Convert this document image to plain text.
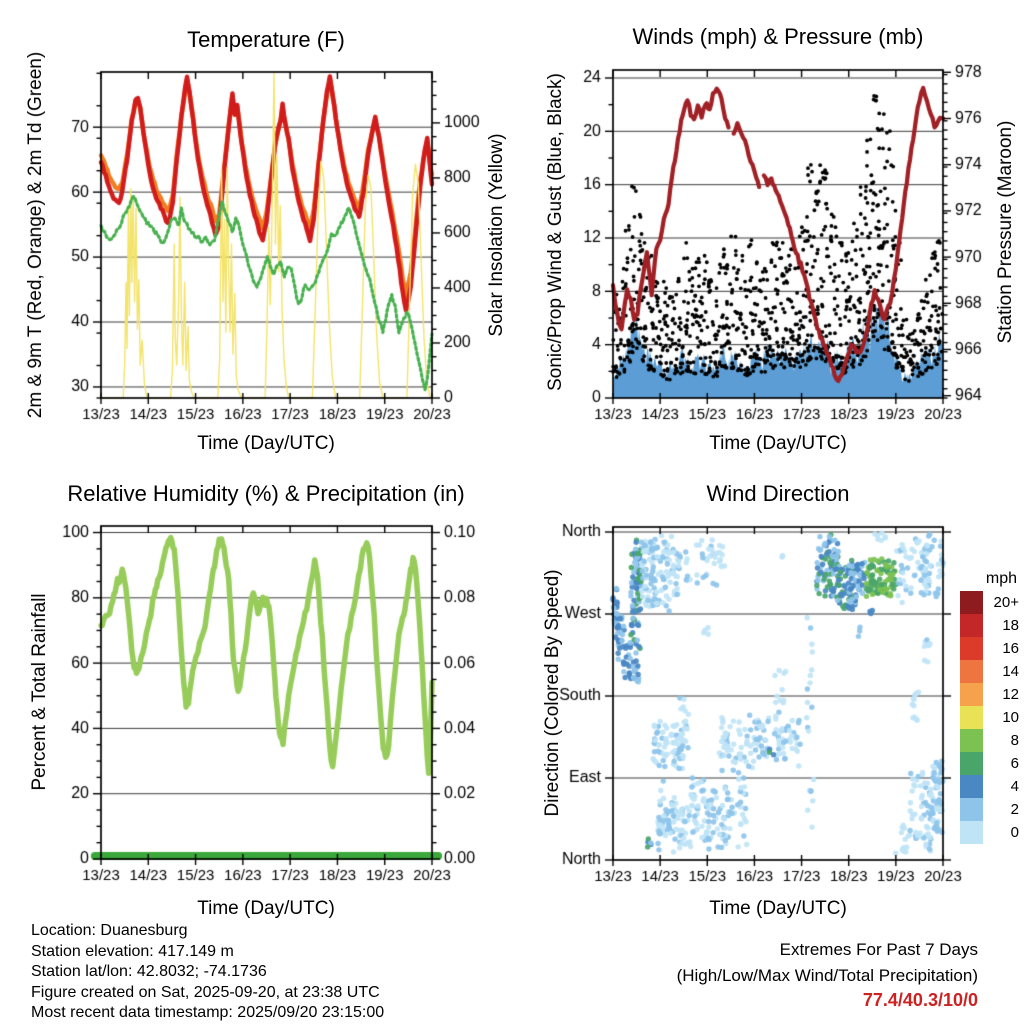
Temperature (F)
2m & 9m T (Red, Orange) & 2m Td (Green)	Solar Insolation (Yellow)
Time (Day/UTC)
Winds (mph) & Pressure (mb)
Sonic/Prop Wind & Gust (Blue, Black)	Station Pressure (Maroon)
Time (Day/UTC)
Relative Humidity (%) & Precipitation (in)
Percent & Total Rainfall
Time (Day/UTC)
Wind Direction
Direction (Colored By Speed)
Time (Day/UTC)
mph
20+
18
16
14
12
10
8
6
4
2
0
Location: Duanesburg
Station elevation: 417.149 m
Station lat/lon: 42.8032; -74.1736
Figure created on Sat, 2025-09-20, at 23:38 UTC
Most recent data timestamp: 2025/09/20 23:15:00
Extremes For Past 7 Days
(High/Low/Max Wind/Total Precipitation)
77.4/40.3/10/0
